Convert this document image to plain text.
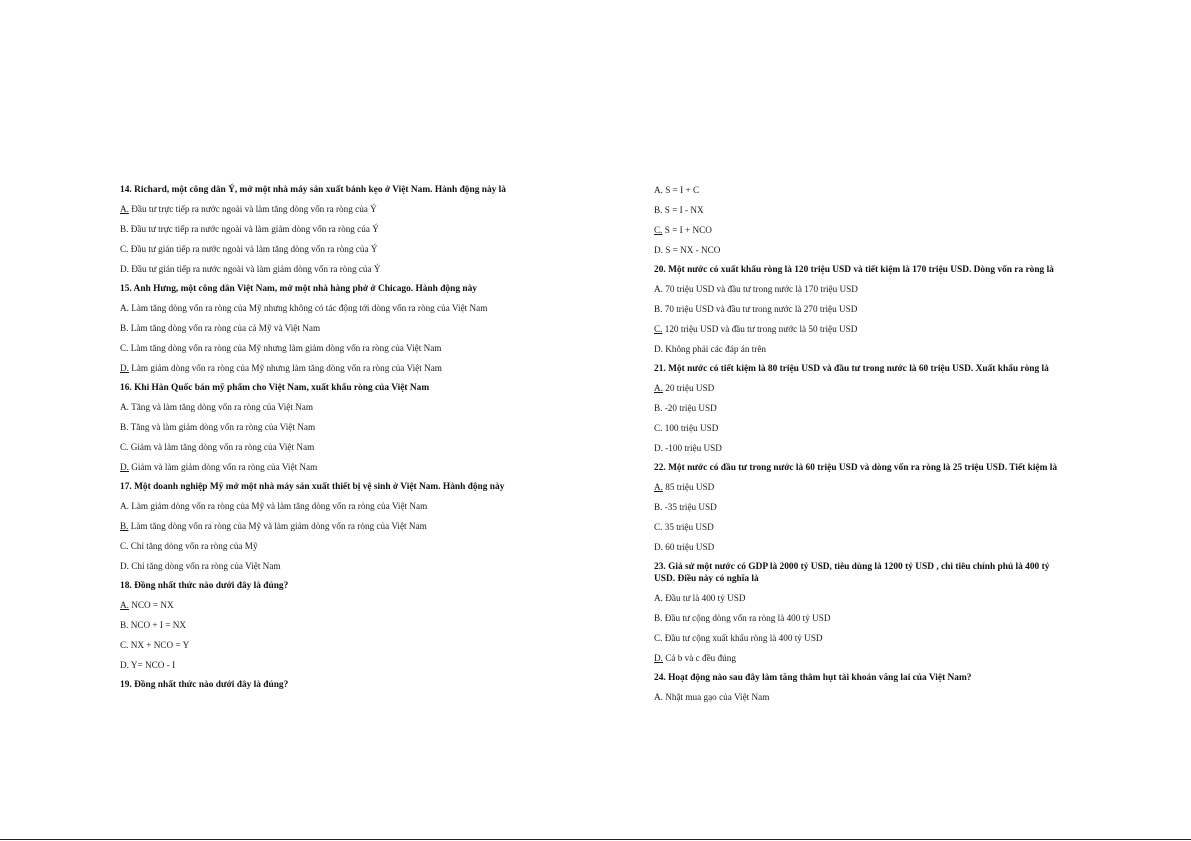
14. Richard, một công dân Ý, mở một nhà máy sản xuất bánh kẹo ở Việt Nam. Hành động này là
A. Đầu tư trực tiếp ra nước ngoài và làm tăng dòng vốn ra ròng của Ý
B. Đầu tư trực tiếp ra nước ngoài và làm giảm dòng vốn ra ròng của Ý
C. Đầu tư gián tiếp ra nước ngoài và làm tăng dòng vốn ra ròng của Ý
D. Đầu tư gián tiếp ra nước ngoài và làm giảm dòng vốn ra ròng của Ý
15. Anh Hưng, một công dân Việt Nam, mở một nhà hàng phở ở Chicago. Hành động này
A. Làm tăng dòng vốn ra ròng của Mỹ nhưng không có tác động tới dòng vốn ra ròng của Việt Nam
B. Làm tăng dòng vốn ra ròng của cả Mỹ và Việt Nam
C. Làm tăng dòng vốn ra ròng của Mỹ nhưng làm giảm dòng vốn ra ròng của Việt Nam
D. Làm giảm dòng vốn ra ròng của Mỹ nhưng làm tăng dòng vốn ra ròng của Việt Nam
16. Khi Hàn Quốc bán mỹ phẩm cho Việt Nam, xuất khẩu ròng của Việt Nam
A. Tăng và làm tăng dòng vốn ra ròng của Việt Nam
B. Tăng và làm giảm dòng vốn ra ròng của Việt Nam
C. Giảm và làm tăng dòng vốn ra ròng của Việt Nam
D. Giảm và làm giảm dòng vốn ra ròng của Việt Nam
17. Một doanh nghiệp Mỹ mở một nhà máy sản xuất thiết bị vệ sinh ở Việt Nam. Hành động này
A. Làm giảm dòng vốn ra ròng của Mỹ và làm tăng dòng vốn ra ròng của Việt Nam
B. Làm tăng dòng vốn ra ròng của Mỹ và làm giảm dòng vốn ra ròng của Việt Nam
C. Chỉ tăng dòng vốn ra ròng của Mỹ
D. Chỉ tăng dòng vốn ra ròng của Việt Nam
18. Đồng nhất thức nào dưới đây là đúng?
A. NCO = NX
B. NCO + I = NX
C. NX + NCO = Y
D. Y= NCO - I
19. Đồng nhất thức nào dưới đây là đúng?
A. S = I + C
B. S = I - NX
C. S = I + NCO
D. S = NX - NCO
20. Một nước có xuất khẩu ròng là 120 triệu USD và tiết kiệm là 170 triệu USD. Dòng vốn ra ròng là
A. 70 triệu USD và đầu tư trong nước là 170 triệu USD
B. 70 triệu USD và đầu tư trong nước là 270 triệu USD
C. 120 triệu USD và đầu tư trong nước là 50 triệu USD
D. Không phải các đáp án trên
21. Một nước có tiết kiệm là 80 triệu USD và đầu tư trong nước là 60 triệu USD. Xuất khẩu ròng là
A. 20 triệu USD
B. -20 triệu USD
C. 100 triệu USD
D. -100 triệu USD
22. Một nước có đầu tư trong nước là 60 triệu USD và dòng vốn ra ròng là 25 triệu USD. Tiết kiệm là
A. 85 triệu USD
B. -35 triệu USD
C. 35 triệu USD
D. 60 triệu USD
23. Giả sử một nước có GDP là 2000 tỷ USD, tiêu dùng là 1200 tỷ USD , chi tiêu chính phủ là 400 tỷ USD. Điều này có nghĩa là
A. Đầu tư là 400 tỷ USD
B. Đầu tư cộng dòng vốn ra ròng là 400 tỷ USD
C. Đầu tư cộng xuất khẩu ròng là 400 tỷ USD
D. Cả b và c đều đúng
24. Hoạt động nào sau đây làm tăng thâm hụt tài khoản vãng lai của Việt Nam?
A. Nhật mua gạo của Việt Nam
